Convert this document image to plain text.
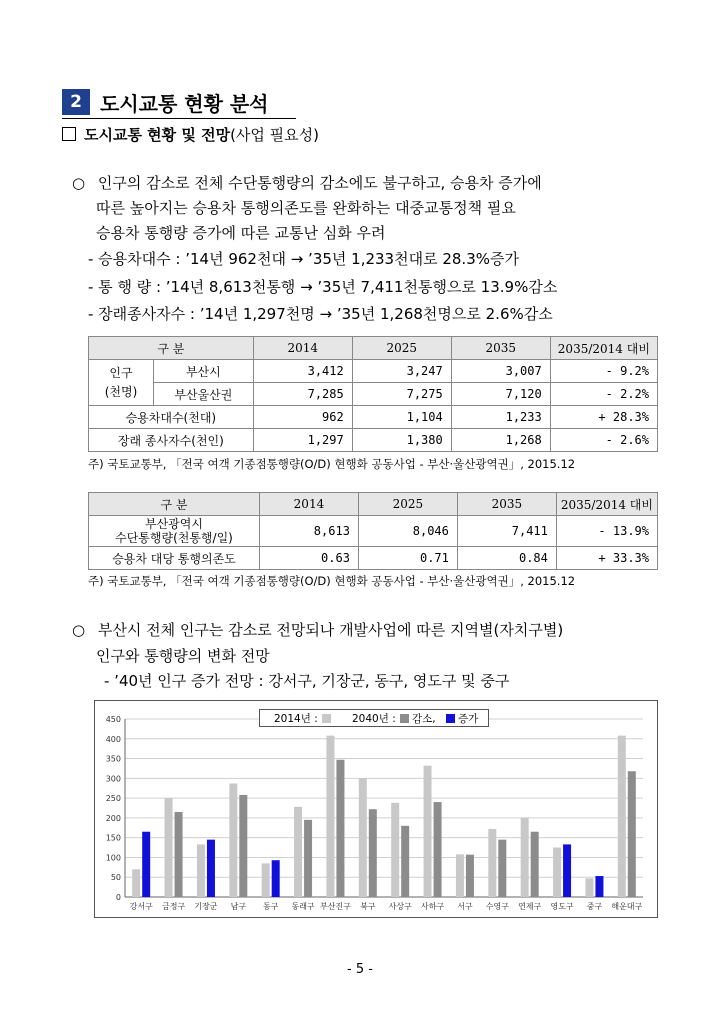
2 도시교통 현황 분석
도시교통 현황 및 전망(사업 필요성)
○ 인구의 감소로 전체 수단통행량의 감소에도 불구하고, 승용차 증가에
따른 높아지는 승용차 통행의존도를 완화하는 대중교통정책 필요
승용차 통행량 증가에 따른 교통난 심화 우려
- 승용차대수 : ’14년 962천대 → ’35년 1,233천대로 28.3%증가
- 통 행 량 : ’14년 8,613천통행 → ’35년 7,411천통행으로 13.9%감소
- 장래종사자수 : ’14년 1,297천명 → ’35년 1,268천명으로 2.6%감소
구 분		2014	2025	2035	2035/2014 대비

인구
(천명)	부산시	3,412	3,247	3,007	- 9.2%
	부산울산권	7,285	7,275	7,120	- 2.2%
승용차대수(천대)		962	1,104	1,233	+ 28.3%
장래 종사자수(천인)		1,297	1,380	1,268	- 2.6%
주) 국토교통부, 「전국 여객 기종점통행량(O/D) 현행화 공동사업 - 부산·울산광역권」, 2015.12
구 분	2014	2025	2035	2035/2014 대비

부산광역시
수단통행량(천통행/일)	8,613	8,046	7,411	- 13.9%
승용차 대당 통행의존도	0.63	0.71	0.84	+ 33.3%
주) 국토교통부, 「전국 여객 기종점통행량(O/D) 현행화 공동사업 - 부산·울산광역권」, 2015.12
○ 부산시 전체 인구는 감소로 전망되나 개발사업에 따른 지역별(자치구별)
인구와 통행량의 변화 전망
- ’40년 인구 증가 전망 : 강서구, 기장군, 동구, 영도구 및 중구
0
50
100
150
200
250
300
350
400
450
강서구 금정구 기장군 남구 동구 동래구 부산진구 북구 사상구 사하구 서구 수영구 연제구 영도구 중구 해운대구
2014년 :	2040년 : 감소, 증가
- 5 -
